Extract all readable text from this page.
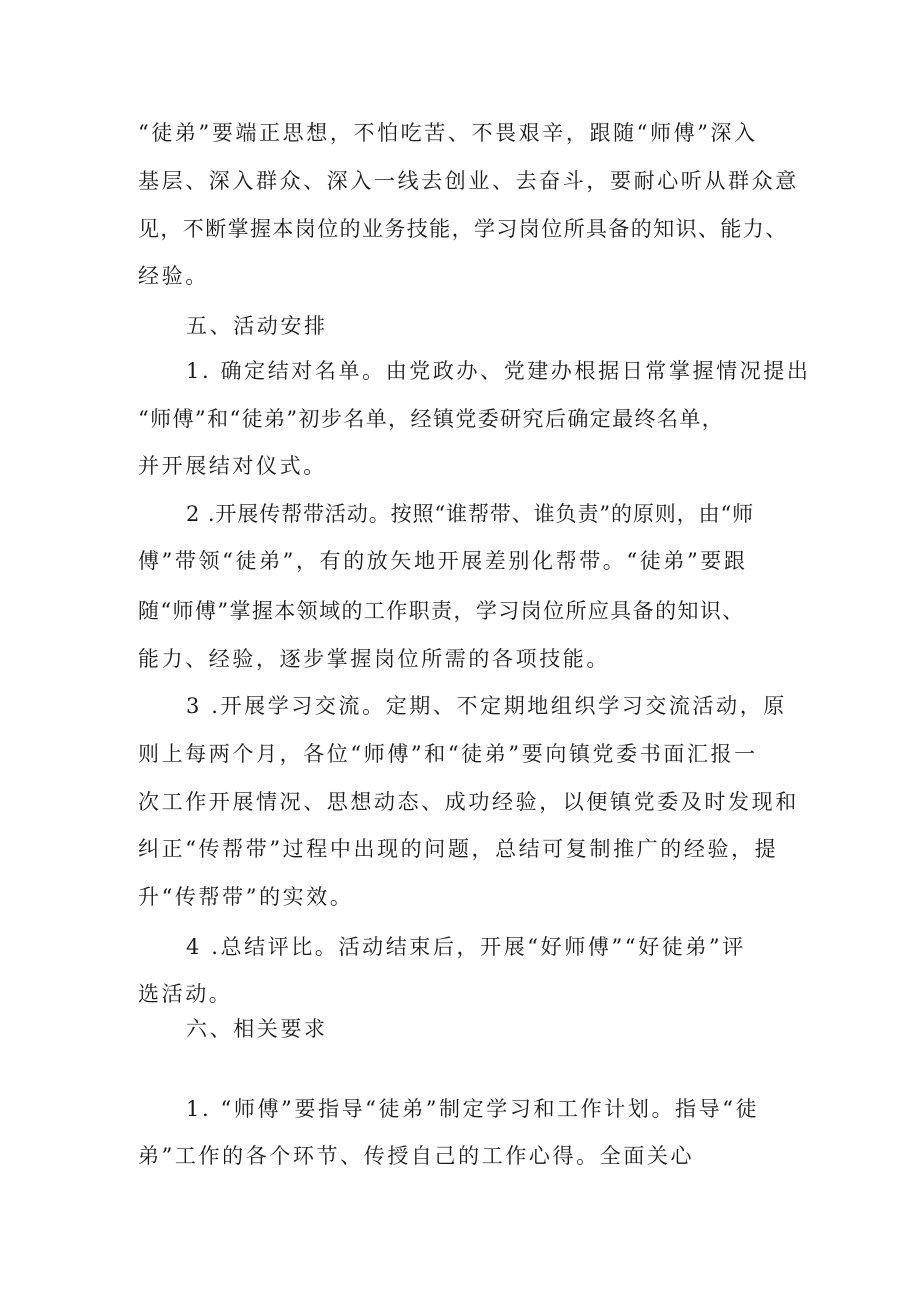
“徒弟”要端正思想，不怕吃苦、不畏艰辛，跟随“师傅”深入

基层、深入群众、深入一线去创业、去奋斗，要耐心听从群众意

见，不断掌握本岗位的业务技能，学习岗位所具备的知识、能力、

经验。

五、活动安排

1. 确定结对名单。由党政办、党建办根据日常掌握情况提出

“师傅”和“徒弟”初步名单，经镇党委研究后确定最终名单，

并开展结对仪式。

2 .开展传帮带活动。按照“谁帮带、谁负责”的原则，由“师

傅”带领“徒弟”，有的放矢地开展差别化帮带。“徒弟”要跟

随“师傅”掌握本领域的工作职责，学习岗位所应具备的知识、

能力、经验，逐步掌握岗位所需的各项技能。

3 .开展学习交流。定期、不定期地组织学习交流活动，原

则上每两个月，各位“师傅”和“徒弟”要向镇党委书面汇报一

次工作开展情况、思想动态、成功经验，以便镇党委及时发现和

纠正“传帮带”过程中出现的问题，总结可复制推广的经验，提

升“传帮带”的实效。

4 .总结评比。活动结束后，开展“好师傅”“好徒弟”评

选活动。

六、相关要求

1. “师傅”要指导“徒弟”制定学习和工作计划。指导“徒

弟”工作的各个环节、传授自己的工作心得。全面关心
